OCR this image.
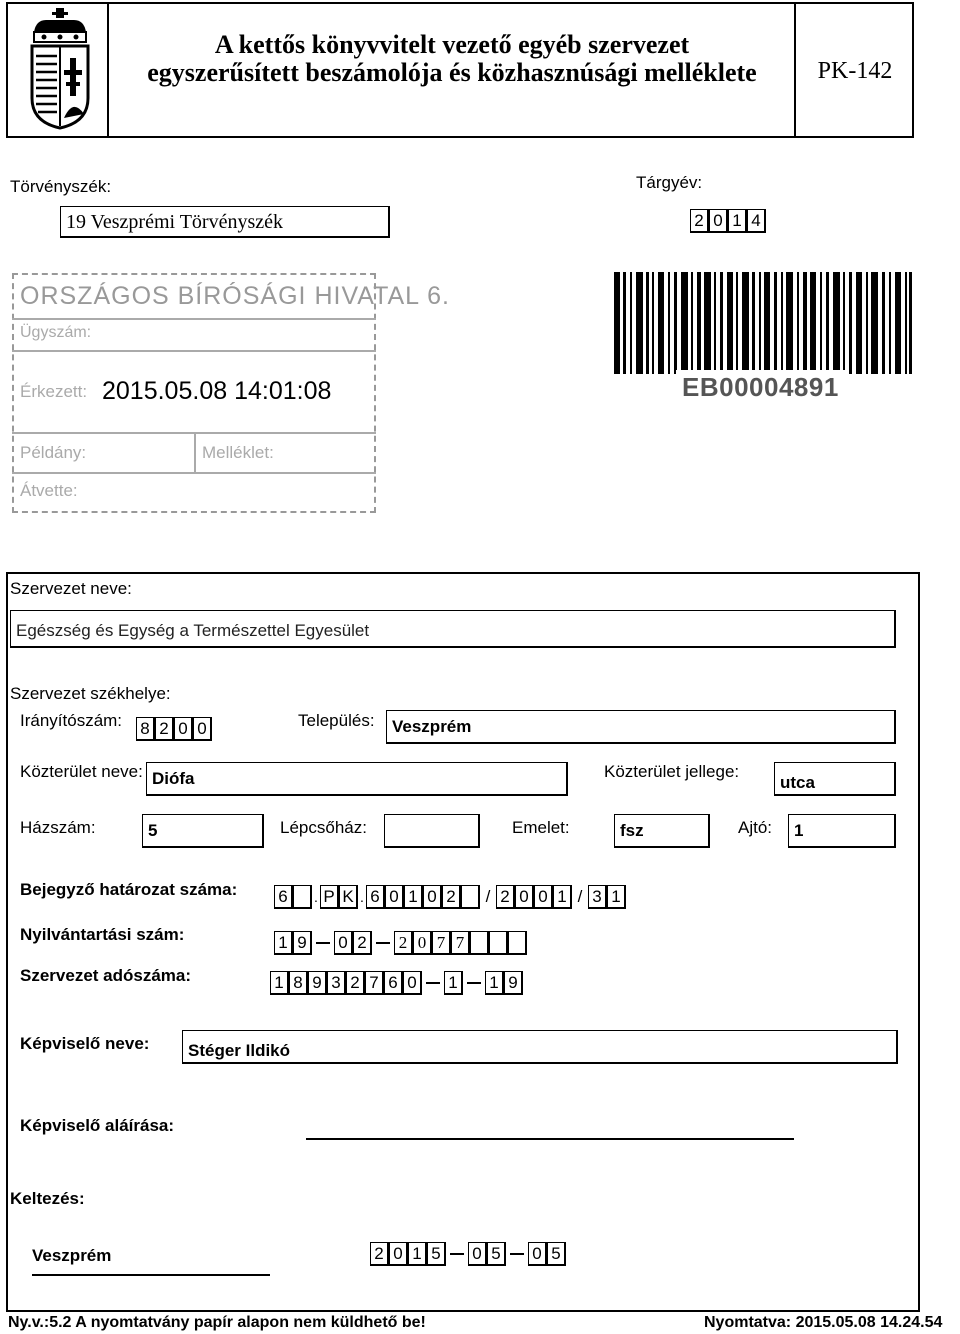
A kettős könyvvitelt vezető egyéb szervezet
egyszerűsített beszámolója és közhasznúsági melléklete	PK-142
Törvényszék:
19 Veszprémi Törvényszék
Tárgyév:
2 0 1 4
ORSZÁGOS BÍRÓSÁGI HIVATAL 6.
Ügyszám:
Érkezett: 2015.05.08 14:01:08
Példány:	Melléklet:
Átvette:
EB00004891
Szervezet neve:
Egészség és Egység a Természettel Egyesület
Szervezet székhelye:
Irányítószám: 8 2 0 0	Település:	Veszprém
Közterület neve: Diófa	Közterület jellege:
utca
Házszám:	5	Lépcsőház:	Emelet:	fsz	Ajtó:	1
Bejegyző határozat száma: 6	. P K . 6 0 1 0 2	/ 2 0 0 1 / 3 1
Nyilvántartási szám:	1 9	0 2	2 0 7 7
Szervezet adószáma:	1 8 9 3 2 7 6 0	1	1 9
Képviselő neve:	Stéger Ildikó
Képviselő aláírása:
Keltezés:
Veszprém	2 0 1 5	0 5	0 5
Ny.v.:5.2 A nyomtatvány papír alapon nem küldhető be!	Nyomtatva: 2015.05.08 14.24.54
